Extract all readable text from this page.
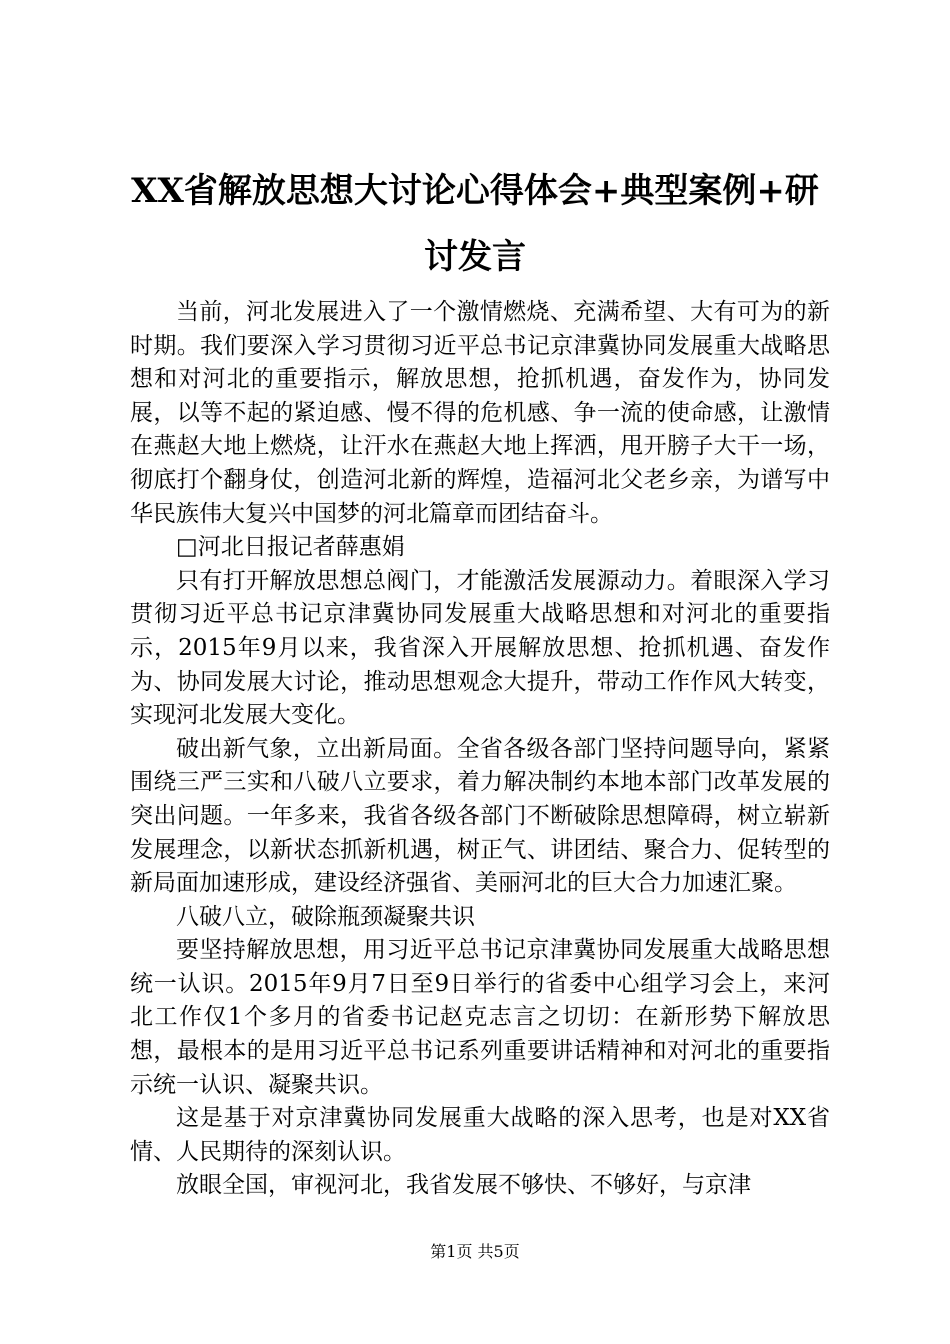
XX省解放思想大讨论心得体会+典型案例+研讨发言

当前，河北发展进入了一个激情燃烧、充满希望、大有可为的新时期。我们要深入学习贯彻习近平总书记京津冀协同发展重大战略思想和对河北的重要指示，解放思想，抢抓机遇，奋发作为，协同发展，以等不起的紧迫感、慢不得的危机感、争一流的使命感，让激情在燕赵大地上燃烧，让汗水在燕赵大地上挥洒，甩开膀子大干一场，彻底打个翻身仗，创造河北新的辉煌，造福河北父老乡亲，为谱写中华民族伟大复兴中国梦的河北篇章而团结奋斗。

□河北日报记者薛惠娟

只有打开解放思想总阀门，才能激活发展源动力。着眼深入学习贯彻习近平总书记京津冀协同发展重大战略思想和对河北的重要指示，2015年9月以来，我省深入开展解放思想、抢抓机遇、奋发作为、协同发展大讨论，推动思想观念大提升，带动工作作风大转变，实现河北发展大变化。

破出新气象，立出新局面。全省各级各部门坚持问题导向，紧紧围绕三严三实和八破八立要求，着力解决制约本地本部门改革发展的突出问题。一年多来，我省各级各部门不断破除思想障碍，树立崭新发展理念，以新状态抓新机遇，树正气、讲团结、聚合力、促转型的新局面加速形成，建设经济强省、美丽河北的巨大合力加速汇聚。

八破八立，破除瓶颈凝聚共识

要坚持解放思想，用习近平总书记京津冀协同发展重大战略思想统一认识。2015年9月7日至9日举行的省委中心组学习会上，来河北工作仅1个多月的省委书记赵克志言之切切：在新形势下解放思想，最根本的是用习近平总书记系列重要讲话精神和对河北的重要指示统一认识、凝聚共识。

这是基于对京津冀协同发展重大战略的深入思考，也是对XX省情、人民期待的深刻认识。

放眼全国，审视河北，我省发展不够快、不够好，与京津

第1页 共5页
